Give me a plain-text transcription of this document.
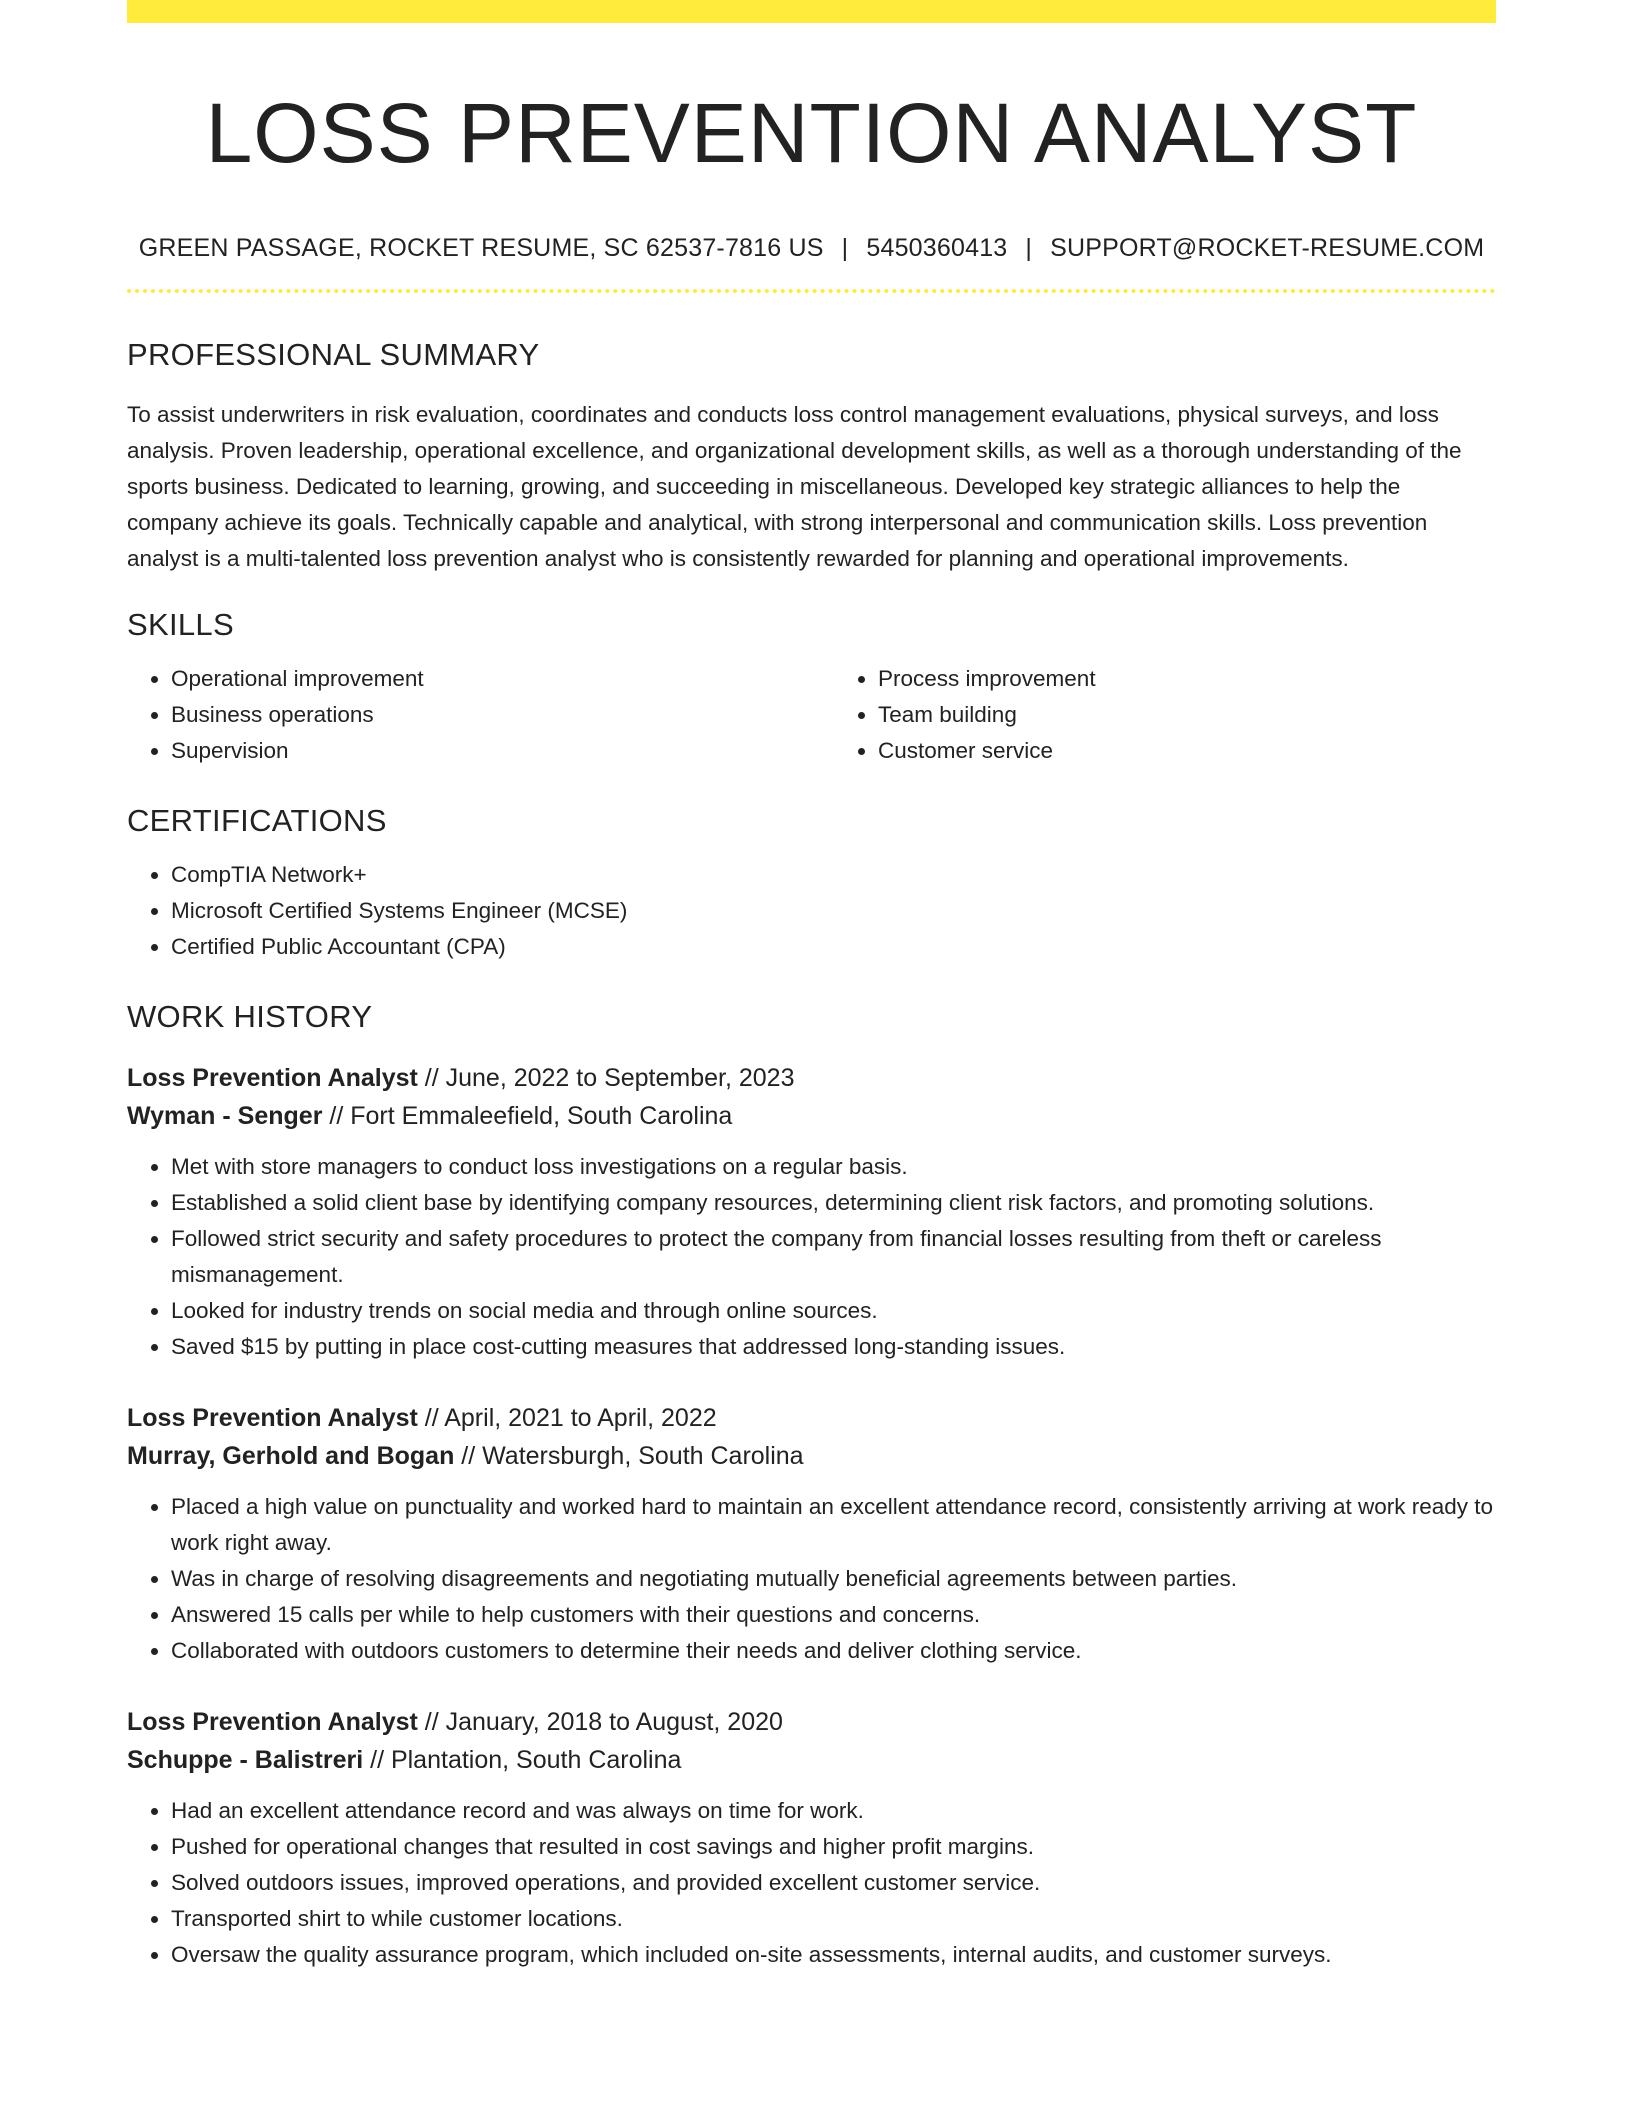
LOSS PREVENTION ANALYST
GREEN PASSAGE, ROCKET RESUME, SC 62537-7816 US | 5450360413 | SUPPORT@ROCKET-RESUME.COM
PROFESSIONAL SUMMARY

To assist underwriters in risk evaluation, coordinates and conducts loss control management evaluations, physical surveys, and loss analysis. Proven leadership, operational excellence, and organizational development skills, as well as a thorough understanding of the sports business. Dedicated to learning, growing, and succeeding in miscellaneous. Developed key strategic alliances to help the company achieve its goals. Technically capable and analytical, with strong interpersonal and communication skills. Loss prevention analyst is a multi-talented loss prevention analyst who is consistently rewarded for planning and operational improvements.

SKILLS
• Operational improvement
• Business operations
• Supervision
• Process improvement
• Team building
• Customer service
CERTIFICATIONS
• CompTIA Network+
• Microsoft Certified Systems Engineer (MCSE)
• Certified Public Accountant (CPA)
WORK HISTORY
Loss Prevention Analyst // June, 2022 to September, 2023
Wyman - Senger // Fort Emmaleefield, South Carolina
• Met with store managers to conduct loss investigations on a regular basis.
• Established a solid client base by identifying company resources, determining client risk factors, and promoting solutions.
• Followed strict security and safety procedures to protect the company from financial losses resulting from theft or careless mismanagement.
• Looked for industry trends on social media and through online sources.
• Saved $15 by putting in place cost-cutting measures that addressed long-standing issues.
Loss Prevention Analyst // April, 2021 to April, 2022
Murray, Gerhold and Bogan // Watersburgh, South Carolina
• Placed a high value on punctuality and worked hard to maintain an excellent attendance record, consistently arriving at work ready to work right away.
• Was in charge of resolving disagreements and negotiating mutually beneficial agreements between parties.
• Answered 15 calls per while to help customers with their questions and concerns.
• Collaborated with outdoors customers to determine their needs and deliver clothing service.
Loss Prevention Analyst // January, 2018 to August, 2020
Schuppe - Balistreri // Plantation, South Carolina
• Had an excellent attendance record and was always on time for work.
• Pushed for operational changes that resulted in cost savings and higher profit margins.
• Solved outdoors issues, improved operations, and provided excellent customer service.
• Transported shirt to while customer locations.
• Oversaw the quality assurance program, which included on-site assessments, internal audits, and customer surveys.
